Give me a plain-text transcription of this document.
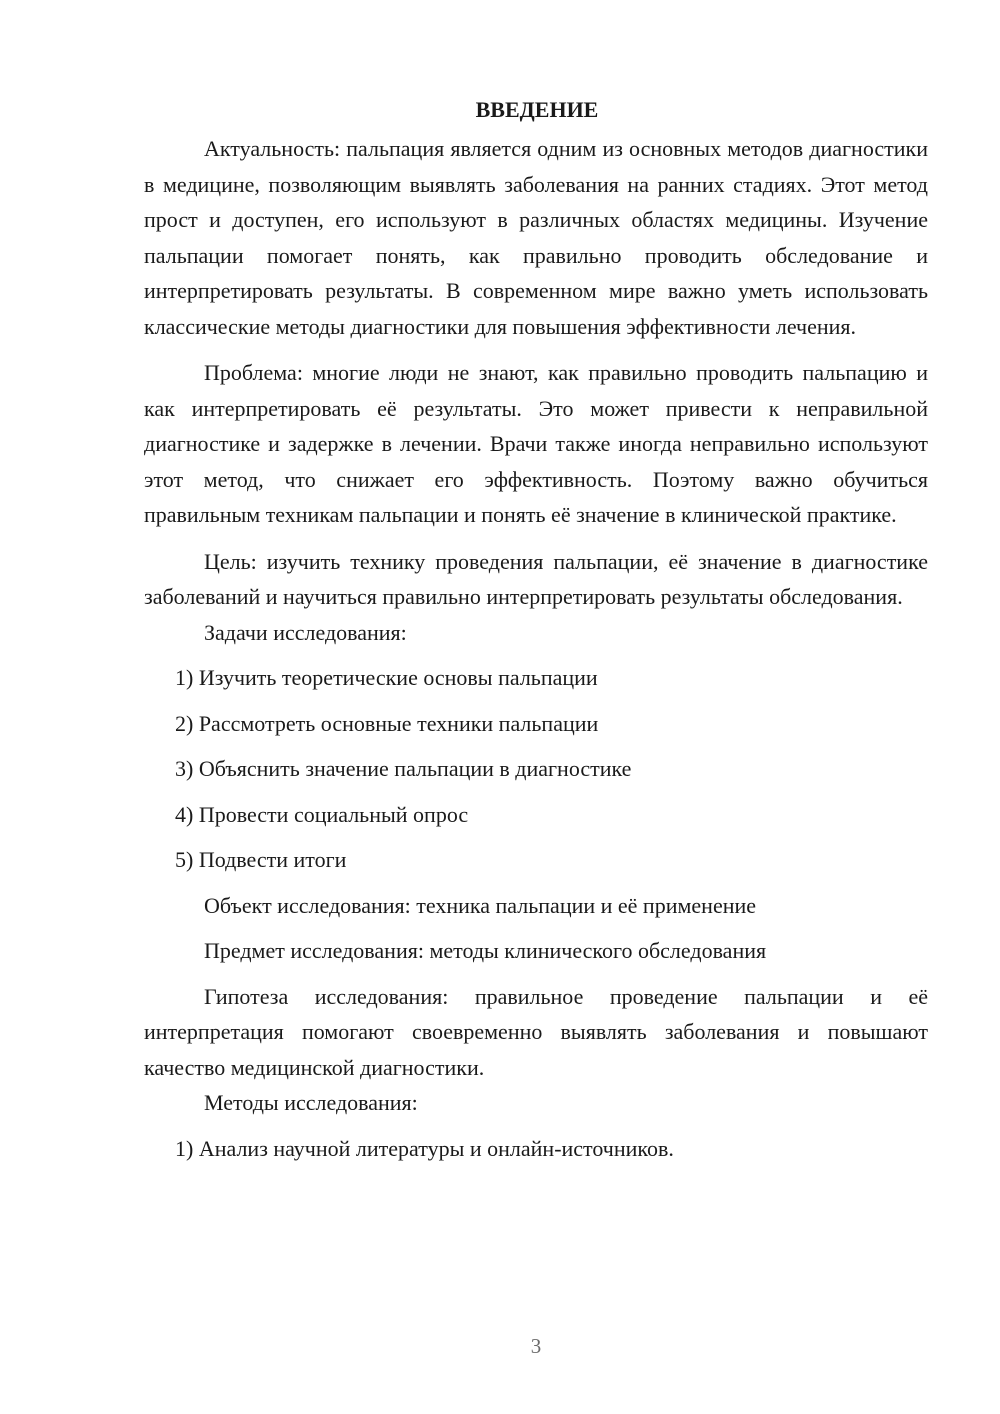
ВВЕДЕНИЕ

Актуальность: пальпация является одним из основных методов диагностики в медицине, позволяющим выявлять заболевания на ранних стадиях. Этот метод прост и доступен, его используют в различных областях медицины. Изучение пальпации помогает понять, как правильно проводить обследование и интерпретировать результаты. В современном мире важно уметь использовать классические методы диагностики для повышения эффективности лечения.

Проблема: многие люди не знают, как правильно проводить пальпацию и как интерпретировать её результаты. Это может привести к неправильной диагностике и задержке в лечении. Врачи также иногда неправильно используют этот метод, что снижает его эффективность. Поэтому важно обучиться правильным техникам пальпации и понять её значение в клинической практике.

Цель: изучить технику проведения пальпации, её значение в диагностике заболеваний и научиться правильно интерпретировать результаты обследования.

Задачи исследования:

1) Изучить теоретические основы пальпации

2) Рассмотреть основные техники пальпации

3) Объяснить значение пальпации в диагностике

4) Провести социальный опрос

5) Подвести итоги

Объект исследования: техника пальпации и её применение

Предмет исследования: методы клинического обследования

Гипотеза исследования: правильное проведение пальпации и её интерпретация помогают своевременно выявлять заболевания и повышают качество медицинской диагностики.

Методы исследования:

1) Анализ научной литературы и онлайн-источников.

3
